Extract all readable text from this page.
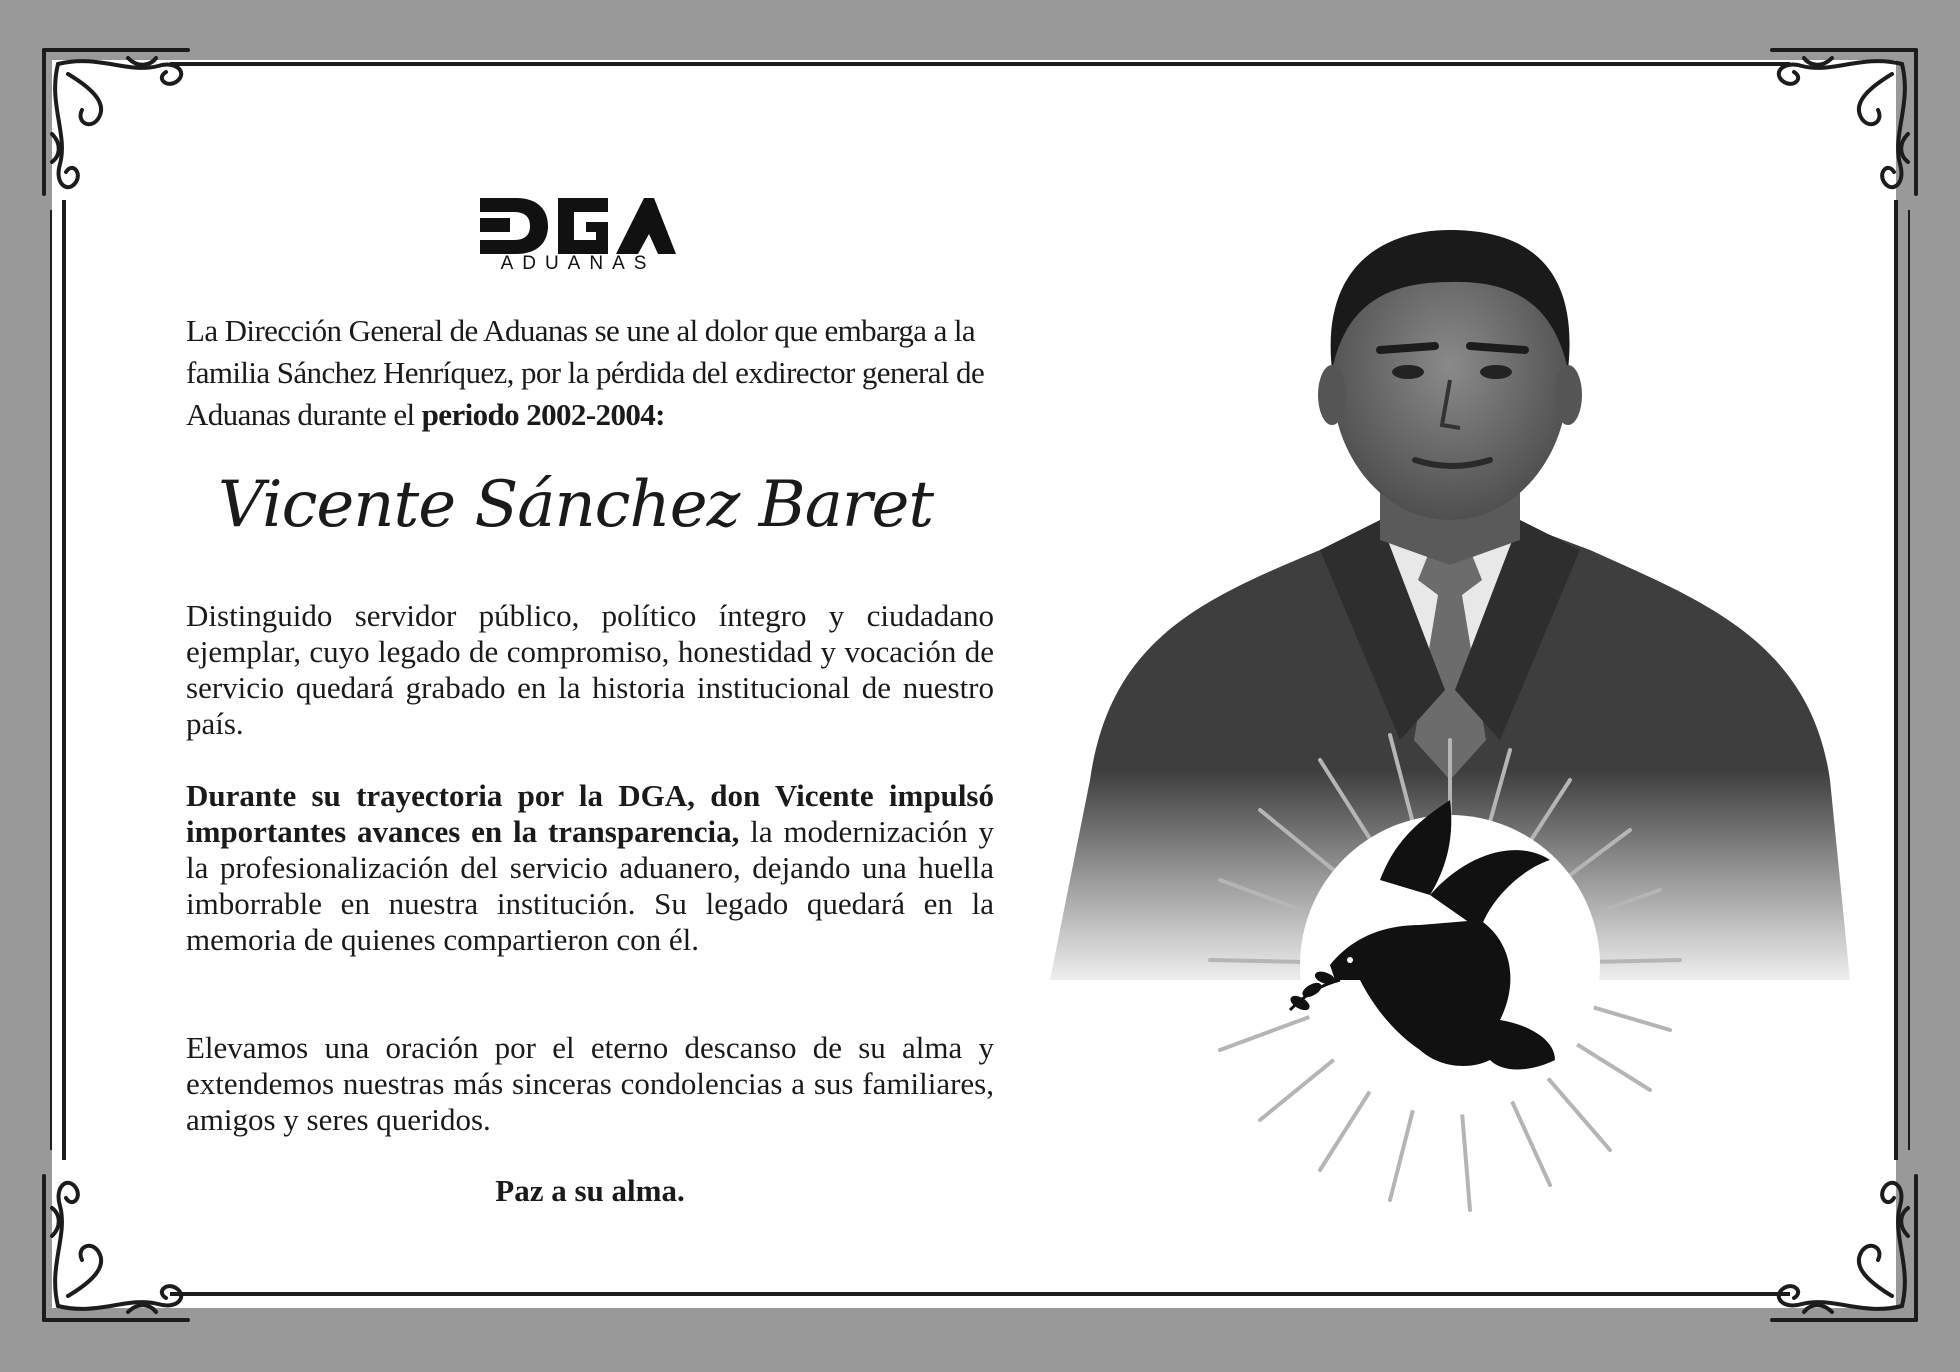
ADUANAS
La Dirección General de Aduanas se une al dolor que embarga a la familia Sánchez Henríquez, por la pérdida del exdirector general de Aduanas durante el periodo 2002-2004:
Vicente Sánchez Baret
Distinguido servidor público, político íntegro y ciudadano ejemplar, cuyo legado de compromiso, honestidad y vocación de servicio quedará grabado en la historia institucional de nuestro país.
Durante su trayectoria por la DGA, don Vicente impulsó importantes avances en la transparencia, la modernización y la profesionalización del servicio aduanero, dejando una huella imborrable en nuestra institución. Su legado quedará en la memoria de quienes compartieron con él.
Elevamos una oración por el eterno descanso de su alma y extendemos nuestras más sinceras condolencias a sus familiares, amigos y seres queridos.
Paz a su alma.
